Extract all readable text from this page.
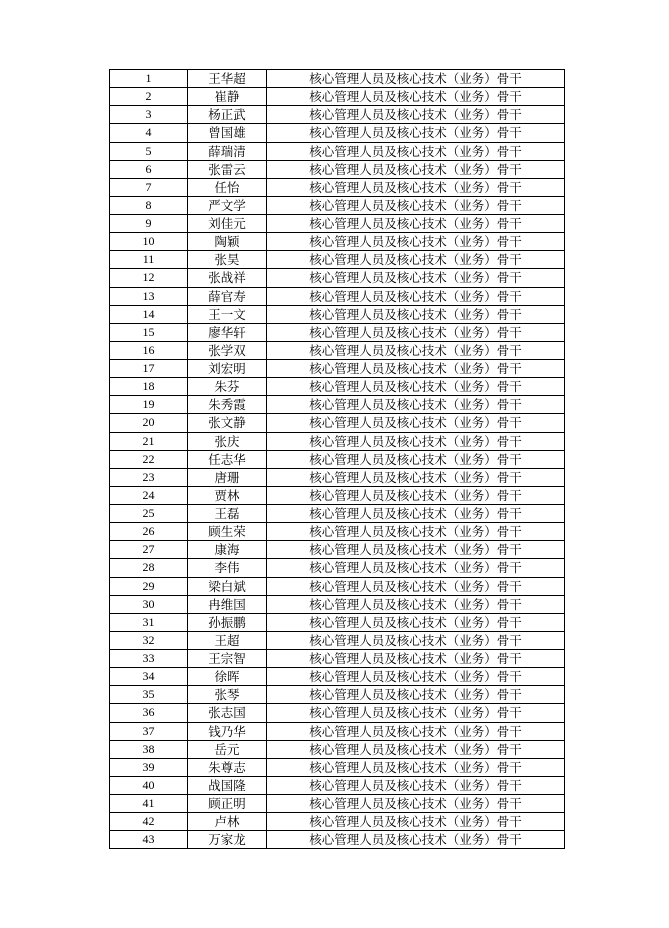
1	王华超	核心管理人员及核心技术（业务）骨干
2	崔静	核心管理人员及核心技术（业务）骨干
3	杨正武	核心管理人员及核心技术（业务）骨干
4	曾国雄	核心管理人员及核心技术（业务）骨干
5	薛瑞清	核心管理人员及核心技术（业务）骨干
6	张雷云	核心管理人员及核心技术（业务）骨干
7	任怡	核心管理人员及核心技术（业务）骨干
8	严文学	核心管理人员及核心技术（业务）骨干
9	刘佳元	核心管理人员及核心技术（业务）骨干
10	陶颖	核心管理人员及核心技术（业务）骨干
11	张昊	核心管理人员及核心技术（业务）骨干
12	张战祥	核心管理人员及核心技术（业务）骨干
13	薛官寿	核心管理人员及核心技术（业务）骨干
14	王一文	核心管理人员及核心技术（业务）骨干
15	廖华轩	核心管理人员及核心技术（业务）骨干
16	张学双	核心管理人员及核心技术（业务）骨干
17	刘宏明	核心管理人员及核心技术（业务）骨干
18	朱芬	核心管理人员及核心技术（业务）骨干
19	朱秀霞	核心管理人员及核心技术（业务）骨干
20	张文静	核心管理人员及核心技术（业务）骨干
21	张庆	核心管理人员及核心技术（业务）骨干
22	任志华	核心管理人员及核心技术（业务）骨干
23	唐珊	核心管理人员及核心技术（业务）骨干
24	贾林	核心管理人员及核心技术（业务）骨干
25	王磊	核心管理人员及核心技术（业务）骨干
26	顾生荣	核心管理人员及核心技术（业务）骨干
27	康海	核心管理人员及核心技术（业务）骨干
28	李伟	核心管理人员及核心技术（业务）骨干
29	梁白斌	核心管理人员及核心技术（业务）骨干
30	冉维国	核心管理人员及核心技术（业务）骨干
31	孙振鹏	核心管理人员及核心技术（业务）骨干
32	王超	核心管理人员及核心技术（业务）骨干
33	王宗智	核心管理人员及核心技术（业务）骨干
34	徐晖	核心管理人员及核心技术（业务）骨干
35	张琴	核心管理人员及核心技术（业务）骨干
36	张志国	核心管理人员及核心技术（业务）骨干
37	钱乃华	核心管理人员及核心技术（业务）骨干
38	岳元	核心管理人员及核心技术（业务）骨干
39	朱尊志	核心管理人员及核心技术（业务）骨干
40	战国隆	核心管理人员及核心技术（业务）骨干
41	顾正明	核心管理人员及核心技术（业务）骨干
42	卢林	核心管理人员及核心技术（业务）骨干
43	万家龙	核心管理人员及核心技术（业务）骨干
